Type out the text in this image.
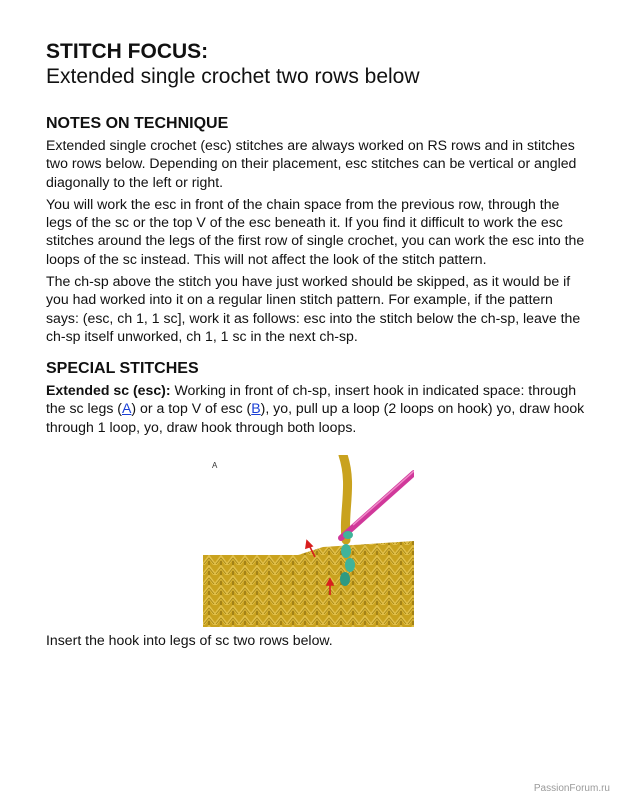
STITCH FOCUS:
Extended single crochet two rows below
NOTES ON TECHNIQUE

Extended single crochet (esc) stitches are always worked on RS rows and in stitches two rows below. Depending on their placement, esc stitches can be vertical or angled diagonally to the left or right.

You will work the esc in front of the chain space from the previous row, through the legs of the sc or the top V of the esc beneath it. If you find it difficult to work the esc stitches around the legs of the first row of single crochet, you can work the esc into the loops of the sc instead. This will not affect the look of the stitch pattern.

The ch-sp above the stitch you have just worked should be skipped, as it would be if you had worked into it on a regular linen stitch pattern. For example, if the pattern says: (esc, ch 1, 1 sc], work it as follows: esc into the stitch below the ch-sp, leave the ch-sp itself unworked, ch 1, 1 sc in the next ch-sp.

SPECIAL STITCHES

Extended sc (esc): Working in front of ch-sp, insert hook in indicated space: through the sc legs (A) or a top V of esc (B), yo, pull up a loop (2 loops on hook) yo, draw hook through 1 loop, yo, draw hook through both loops.

A
Insert the hook into legs of sc two rows below.
PassionForum.ru
